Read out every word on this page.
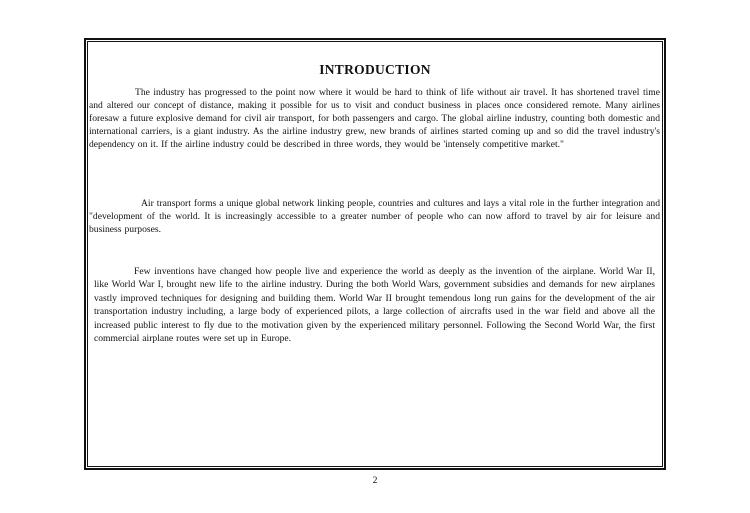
INTRODUCTION

The industry has progressed to the point now where it would be hard to think of life without air travel. It has shortened travel time and altered our concept of distance, making it possible for us to visit and conduct business in places once considered remote. Many airlines foresaw a future explosive demand for civil air transport, for both passengers and cargo. The global airline industry, counting both domestic and international carriers, is a giant industry. As the airline industry grew, new brands of airlines started coming up and so did the travel industry's dependency on it. If the airline industry could be described in three words, they would be 'intensely competitive market."

Air transport forms a unique global network linking people, countries and cultures and lays a vital role in the further integration and "development of the world. It is increasingly accessible to a greater number of people who can now afford to travel by air for leisure and business purposes.

Few inventions have changed how people live and experience the world as deeply as the invention of the airplane. World War II, like World War I, brought new life to the airline industry. During the both World Wars, government subsidies and demands for new airplanes vastly improved techniques for designing and building them. World War II brought temendous long run gains for the development of the air transportation industry including, a large body of experienced pilots, a large collection of aircrafts used in the war field and above all the increased public interest to fly due to the motivation given by the experienced military personnel. Following the Second World War, the first commercial airplane routes were set up in Europe.

2
